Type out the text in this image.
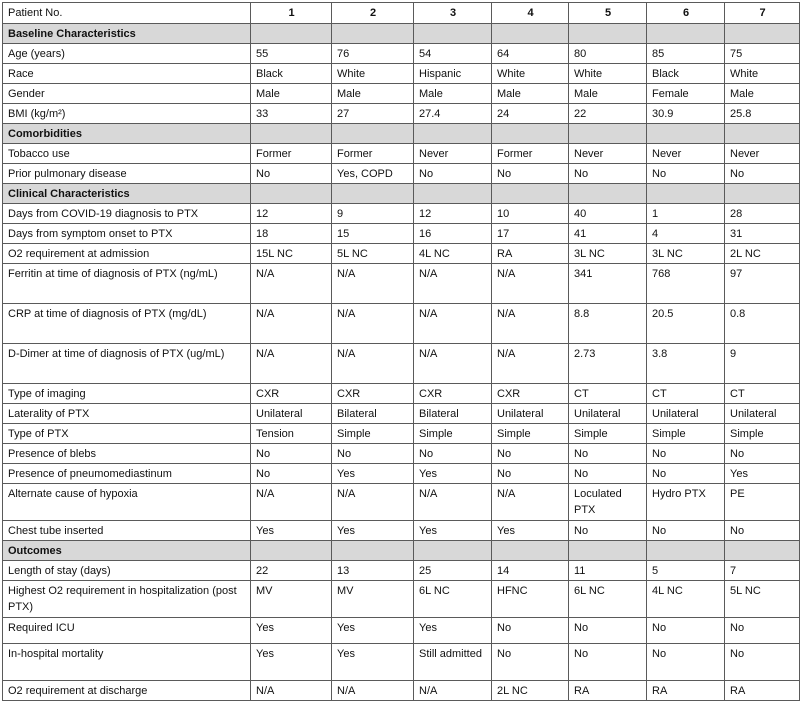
Patient No.	1	2	3	4	5	6	7
Baseline Characteristics							
Age (years)	55	76	54	64	80	85	75
Race	Black	White	Hispanic	White	White	Black	White
Gender	Male	Male	Male	Male	Male	Female	Male
BMI (kg/m²)	33	27	27.4	24	22	30.9	25.8
Comorbidities							
Tobacco use	Former	Former	Never	Former	Never	Never	Never
Prior pulmonary disease	No	Yes, COPD	No	No	No	No	No
Clinical Characteristics							
Days from COVID-19 diagnosis to PTX	12	9	12	10	40	1	28
Days from symptom onset to PTX	18	15	16	17	41	4	31
O2 requirement at admission	15L NC	5L NC	4L NC	RA	3L NC	3L NC	2L NC
Ferritin at time of diagnosis of PTX (ng/mL)	N/A	N/A	N/A	N/A	341	768	97
CRP at time of diagnosis of PTX (mg/dL)	N/A	N/A	N/A	N/A	8.8	20.5	0.8
D-Dimer at time of diagnosis of PTX (ug/mL)	N/A	N/A	N/A	N/A	2.73	3.8	9
Type of imaging	CXR	CXR	CXR	CXR	CT	CT	CT
Laterality of PTX	Unilateral	Bilateral	Bilateral	Unilateral	Unilateral	Unilateral	Unilateral
Type of PTX	Tension	Simple	Simple	Simple	Simple	Simple	Simple
Presence of blebs	No	No	No	No	No	No	No
Presence of pneumomediastinum	No	Yes	Yes	No	No	No	Yes
Alternate cause of hypoxia	N/A	N/A	N/A	N/A	Loculated PTX	Hydro PTX	PE
Chest tube inserted	Yes	Yes	Yes	Yes	No	No	No
Outcomes							
Length of stay (days)	22	13	25	14	11	5	7
Highest O2 requirement in hospitalization (post PTX)	MV	MV	6L NC	HFNC	6L NC	4L NC	5L NC
Required ICU	Yes	Yes	Yes	No	No	No	No
In-hospital mortality	Yes	Yes	Still admitted	No	No	No	No
O2 requirement at discharge	N/A	N/A	N/A	2L NC	RA	RA	RA
